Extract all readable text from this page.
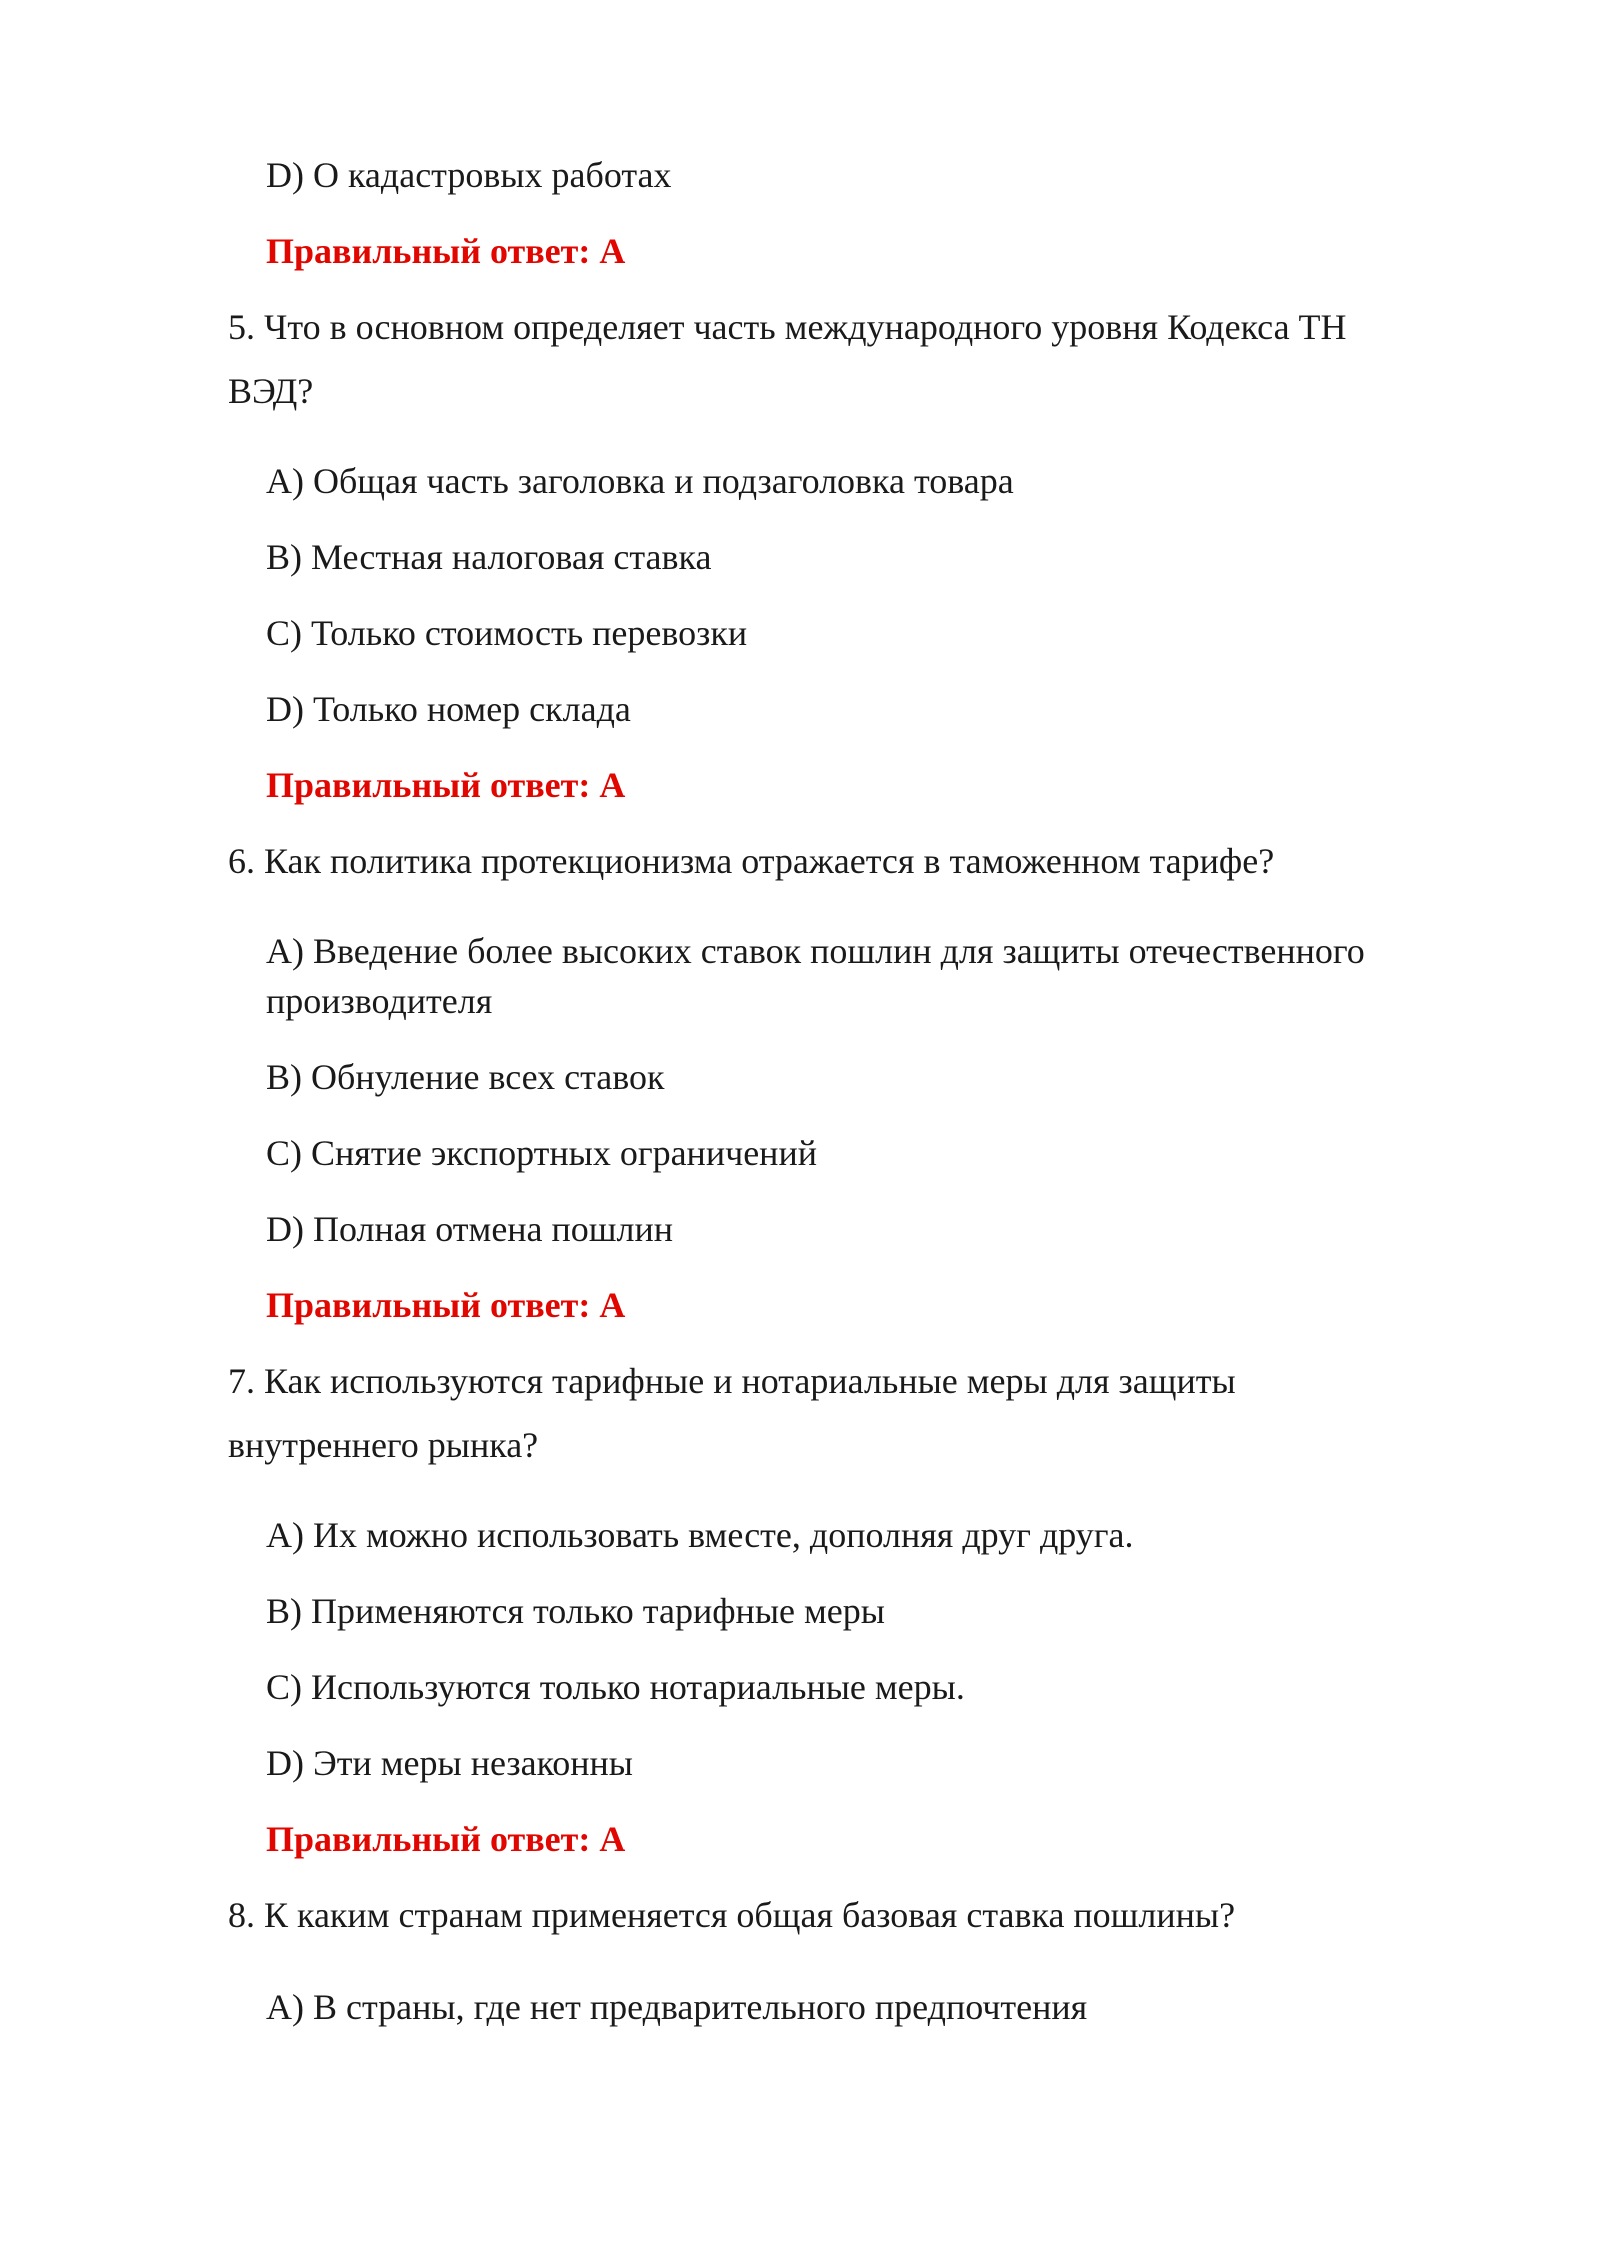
D) О кадастровых работах
Правильный ответ: А
5. Что в основном определяет часть международного уровня Кодекса ТН
ВЭД?
A) Общая часть заголовка и подзаголовка товара
B) Местная налоговая ставка
C) Только стоимость перевозки
D) Только номер склада
Правильный ответ: А
6. Как политика протекционизма отражается в таможенном тарифе?
A) Введение более высоких ставок пошлин для защиты отечественного
производителя
B) Обнуление всех ставок
C) Снятие экспортных ограничений
D) Полная отмена пошлин
Правильный ответ: А
7. Как используются тарифные и нотариальные меры для защиты
внутреннего рынка?
A) Их можно использовать вместе, дополняя друг друга.
B) Применяются только тарифные меры
C) Используются только нотариальные меры.
D) Эти меры незаконны
Правильный ответ: А
8. К каким странам применяется общая базовая ставка пошлины?
A) В страны, где нет предварительного предпочтения
